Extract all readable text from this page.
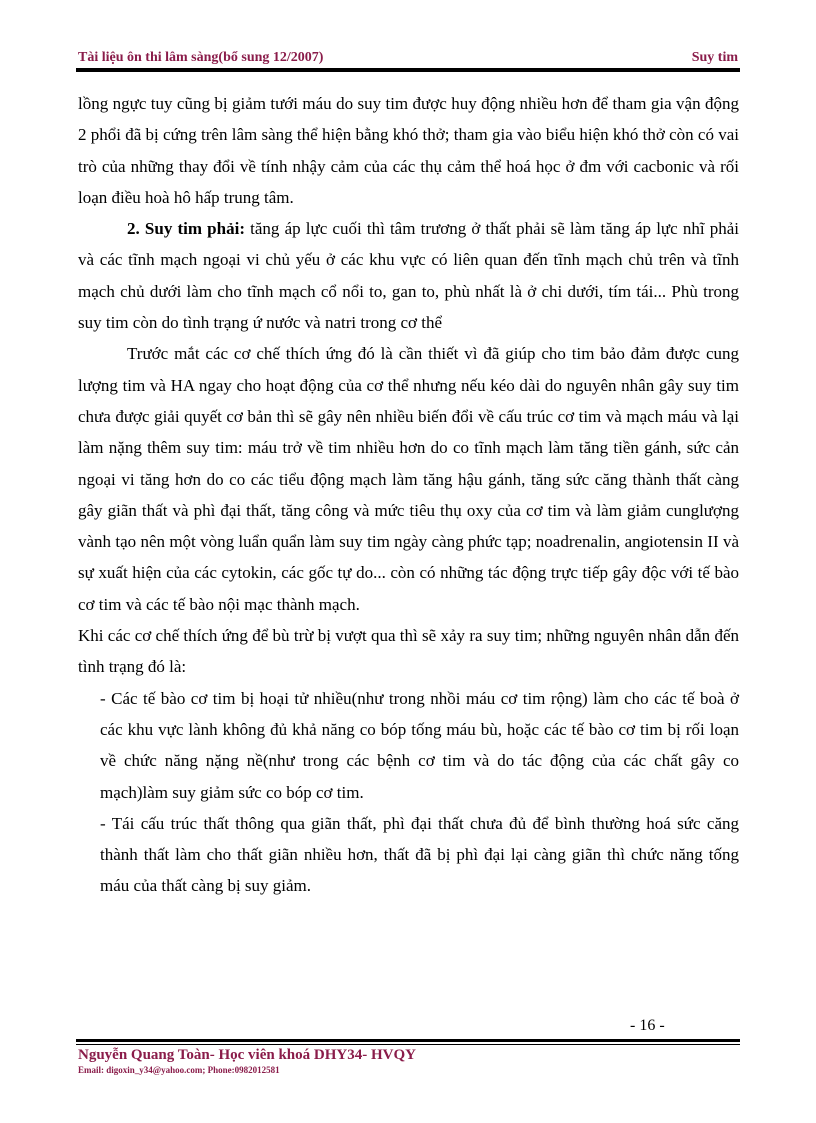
Tài liệu ôn thi lâm sàng(bổ sung 12/2007)	Suy tim

lồng ngực tuy cũng bị giảm tưới máu do suy tim được huy động nhiều hơn để tham gia vận động 2 phổi đã bị cứng trên lâm sàng thể hiện bằng khó thở; tham gia vào biểu hiện khó thở còn có vai trò của những thay đổi về tính nhậy cảm của các thụ cảm thể hoá học ở đm với cacbonic và rối loạn điều hoà hô hấp trung tâm.

2. Suy tim phải: tăng áp lực cuối thì tâm trương ở thất phải sẽ làm tăng áp lực nhĩ phải và các tĩnh mạch ngoại vi chủ yếu ở các khu vực có liên quan đến tĩnh mạch chủ trên và tĩnh mạch chủ dưới làm cho tĩnh mạch cổ nổi to, gan to, phù nhất là ở chi dưới, tím tái... Phù trong suy tim còn do tình trạng ứ nước và natri trong cơ thể

Trước mắt các cơ chế thích ứng đó là cần thiết vì đã giúp cho tim bảo đảm được cung lượng tim và HA ngay cho hoạt động của cơ thể nhưng nếu kéo dài do nguyên nhân gây suy tim chưa được giải quyết cơ bản thì sẽ gây nên nhiều biến đổi về cấu trúc cơ tim và mạch máu và lại làm nặng thêm suy tim: máu trở về tim nhiều hơn do co tĩnh mạch làm tăng tiền gánh, sức cản ngoại vi tăng hơn do co các tiểu động mạch làm tăng hậu gánh, tăng sức căng thành thất càng gây giãn thất và phì đại thất, tăng công và mức tiêu thụ oxy của cơ tim và làm giảm cunglượng vành tạo nên một vòng luẩn quẩn làm suy tim ngày càng phức tạp; noadrenalin, angiotensin II và sự xuất hiện của các cytokin, các gốc tự do... còn có những tác động trực tiếp gây độc với tế bào cơ tim và các tế bào nội mạc thành mạch.

Khi các cơ chế thích ứng để bù trừ bị vượt qua thì sẽ xảy ra suy tim; những nguyên nhân dẫn đến tình trạng đó là:

- Các tế bào cơ tim bị hoại tử nhiều(như trong nhồi máu cơ tim rộng) làm cho các tế boà ở các khu vực lành không đủ khả năng co bóp tống máu bù, hoặc các tế bào cơ tim bị rối loạn về chức năng nặng nề(như trong các bệnh cơ tim và do tác động của các chất gây co mạch)làm suy giảm sức co bóp cơ tim.

- Tái cấu trúc thất thông qua giãn thất, phì đại thất chưa đủ để bình thường hoá sức căng thành thất làm cho thất giãn nhiều hơn, thất đã bị phì đại lại càng giãn thì chức năng tống máu của thất càng bị suy giảm.

- 16 -
Nguyễn Quang Toàn- Học viên khoá DHY34- HVQY
Email: digoxin_y34@yahoo.com; Phone:0982012581
